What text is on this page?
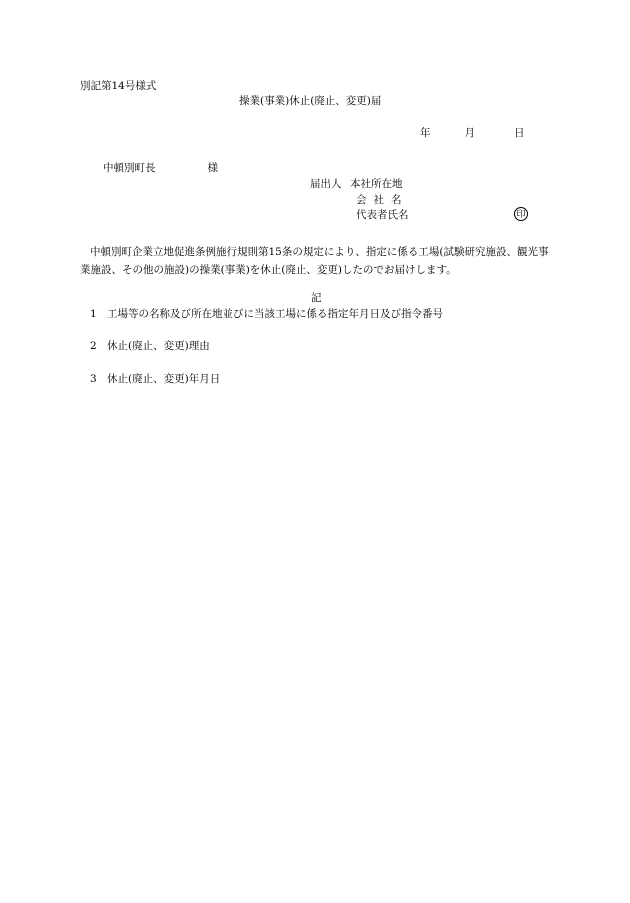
別記第14号様式
操業(事業)休止(廃止、変更)届
年	月	日
中頓別町長	様
届出人 本社所在地
会社名
代表者氏名	印
中頓別町企業立地促進条例施行規則第15条の規定により、指定に係る工場(試験研究施設、観光事業施設、その他の施設)の操業(事業)を休止(廃止、変更)したのでお届けします。
記
1 工場等の名称及び所在地並びに当該工場に係る指定年月日及び指令番号
2 休止(廃止、変更)理由
3 休止(廃止、変更)年月日
